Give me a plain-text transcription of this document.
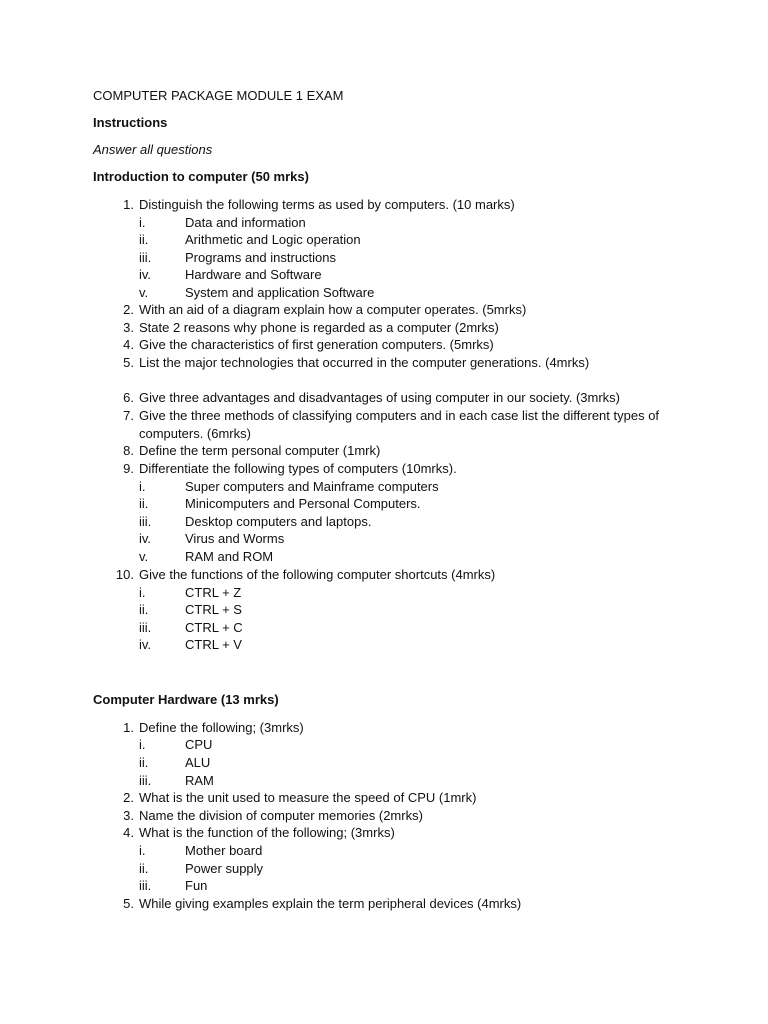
COMPUTER PACKAGE MODULE 1 EXAM
Instructions
Answer all questions
Introduction to computer (50 mrks)
Computer Hardware (13 mrks)
1. Distinguish the following terms as used by computers. (10 marks)
i.	Data and information
ii.	Arithmetic and Logic operation
iii.	Programs and instructions
iv.	Hardware and Software
v.	System and application Software
2. With an aid of a diagram explain how a computer operates. (5mrks)
3. State 2 reasons why phone is regarded as a computer (2mrks)
4. Give the characteristics of first generation computers. (5mrks)
5. List the major technologies that occurred in the computer generations. (4mrks)
6. Give three advantages and disadvantages of using computer in our society. (3mrks)
7. Give the three methods of classifying computers and in each case list the different types of computers. (6mrks)
8. Define the term personal computer (1mrk)
9. Differentiate the following types of computers (10mrks).
i.	Super computers and Mainframe computers
ii.	Minicomputers and Personal Computers.
iii.	Desktop computers and laptops.
iv.	Virus and Worms
v.	RAM and ROM
10. Give the functions of the following computer shortcuts (4mrks)
i.	CTRL + Z
ii.	CTRL + S
iii.	CTRL + C
iv.	CTRL + V
1. Define the following; (3mrks)
i.	CPU
ii.	ALU
iii.	RAM
2. What is the unit used to measure the speed of CPU (1mrk)
3. Name the division of computer memories (2mrks)
4. What is the function of the following; (3mrks)
i.	Mother board
ii.	Power supply
iii.	Fun
5. While giving examples explain the term peripheral devices (4mrks)
